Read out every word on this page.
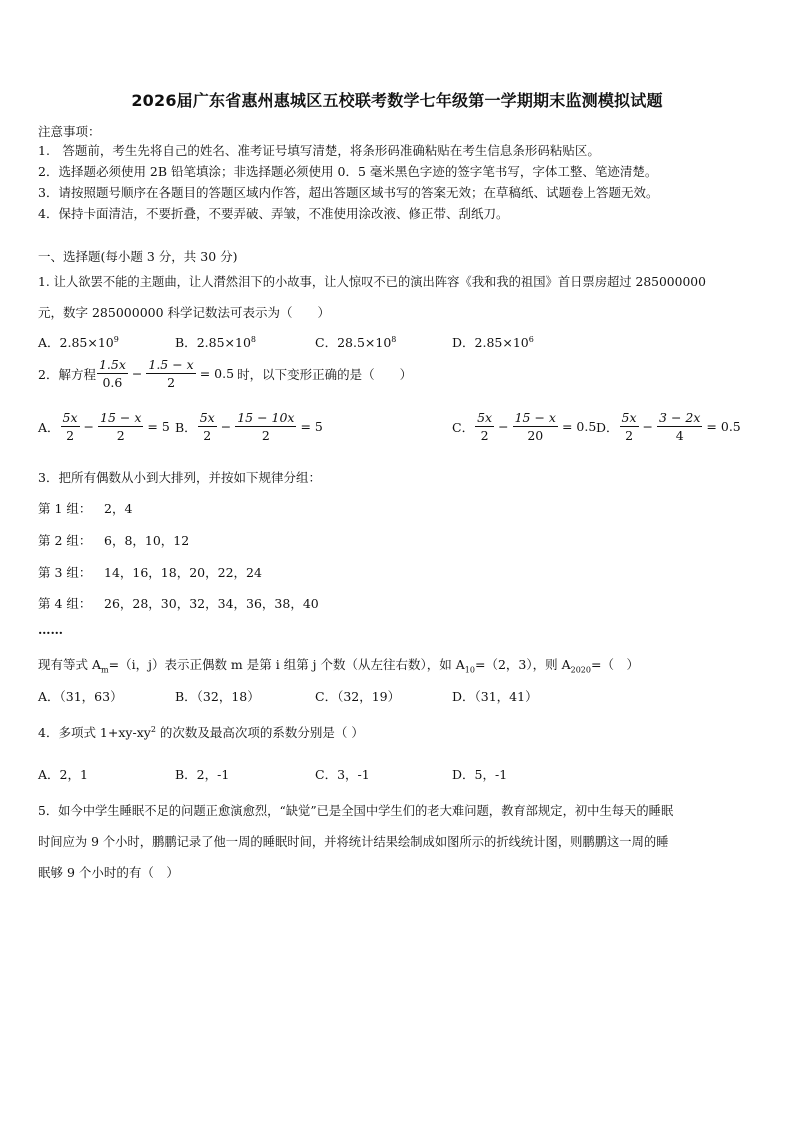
2026届广东省惠州惠城区五校联考数学七年级第一学期期末监测模拟试题
注意事项：
1.　答题前，考生先将自己的姓名、准考证号填写清楚，将条形码准确粘贴在考生信息条形码粘贴区。
2．选择题必须使用 2B 铅笔填涂；非选择题必须使用 0．5 毫米黑色字迹的签字笔书写，字体工整、笔迹清楚。
3．请按照题号顺序在各题目的答题区域内作答，超出答题区域书写的答案无效；在草稿纸、试题卷上答题无效。
4．保持卡面清洁，不要折叠，不要弄破、弄皱，不准使用涂改液、修正带、刮纸刀。
一、选择题(每小题 3 分，共 30 分)
1. 让人欲罢不能的主题曲，让人潸然泪下的小故事，让人惊叹不已的演出阵容《我和我的祖国》首日票房超过 285000000
元，数字 285000000 科学记数法可表示为（　　）
A．$2.85\times 10^9$	B．$2.85\times 10^8$	C．$28.5\times 10^8$	D．$2.85\times 10^6$
2．解方程 $\frac{1.5x}{0.6} - \frac{1.5 - x}{2} = 0.5$ 时，以下变形正确的是（　　）
A． $\frac{5x}{2} - \frac{15 - x}{2} = 5$ B． $\frac{5x}{2} - \frac{15 - 10x}{2} = 5$	C． $\frac{5x}{2} - \frac{15 - x}{20} = 0.5$ D． $\frac{5x}{2} - \frac{3 - 2x}{4} = 0.5$
3．把所有偶数从小到大排列，并按如下规律分组：
第 1 组： 2，4
第 2 组： 6，8，10，12
第 3 组： 14，16，18，20，22，24
第 4 组： 26，28，30，32，34，36，38，40
……
现有等式 $A_m=(i$，j）表示正偶数 m 是第 i 组第 j 个数（从左往右数），如 $A_{10}=(2$，3），则 $A_{2020}=$（　）
A．（31，63）	B．（32，18）	C．（32，19）	D．（31，41）
4．多项式 $1+xy-xy^2$ 的次数及最高次项的系数分别是（ ）
A．2，1	B．2，-1	C．3，-1	D．5，-1
5．如今中学生睡眠不足的问题正愈演愈烈，“缺觉”已是全国中学生们的老大难问题，教育部规定，初中生每天的睡眠
时间应为 9 个小时，鹏鹏记录了他一周的睡眠时间，并将统计结果绘制成如图所示的折线统计图，则鹏鹏这一周的睡
眠够 9 个小时的有（　）
